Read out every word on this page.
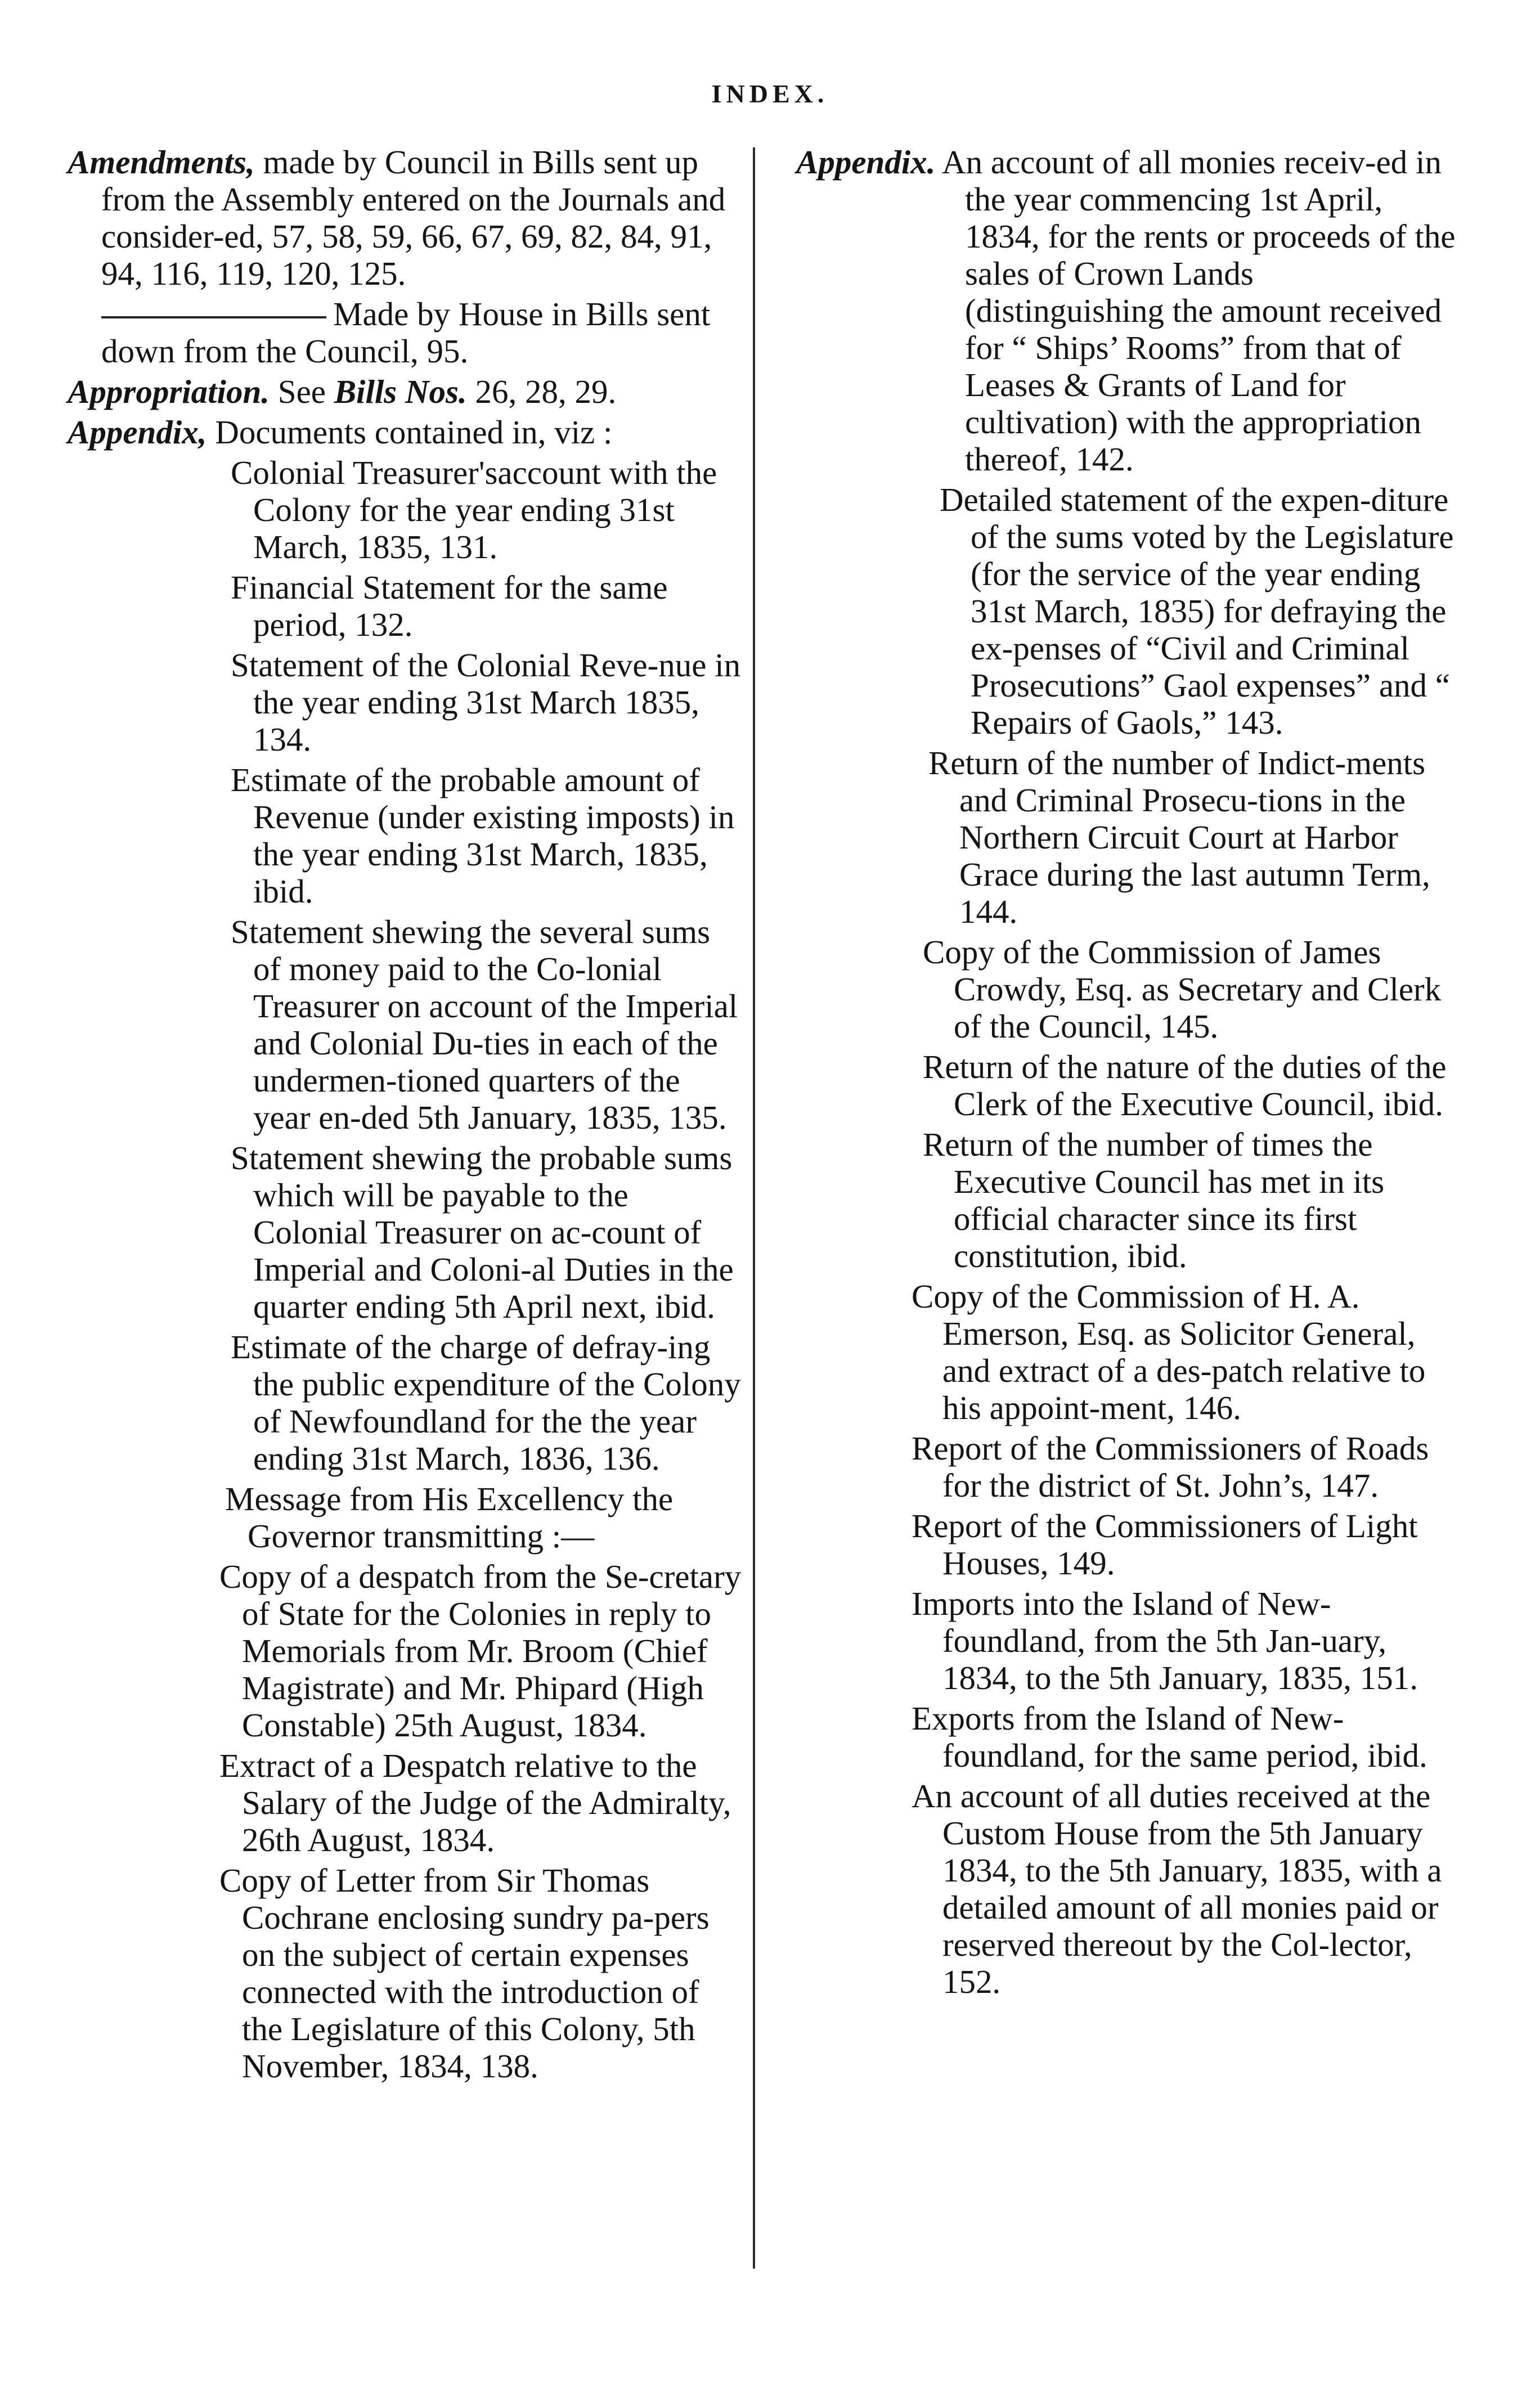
INDEX.

Amendments, made by Council in Bills sent up from the Assembly entered on the Journals and consider-ed, 57, 58, 59, 66, 67, 69, 82, 84, 91, 94, 116, 119, 120, 125.

Made by House in Bills sent down from the Council, 95.

Appropriation. See Bills Nos. 26, 28, 29.

Appendix, Documents contained in, viz :

Colonial Treasurer'saccount with the Colony for the year ending 31st March, 1835, 131.

Financial Statement for the same period, 132.

Statement of the Colonial Reve-nue in the year ending 31st March 1835, 134.

Estimate of the probable amount of Revenue (under existing imposts) in the year ending 31st March, 1835, ibid.

Statement shewing the several sums of money paid to the Co-lonial Treasurer on account of the Imperial and Colonial Du-ties in each of the undermen-tioned quarters of the year en-ded 5th January, 1835, 135.

Statement shewing the probable sums which will be payable to the Colonial Treasurer on ac-count of Imperial and Coloni-al Duties in the quarter ending 5th April next, ibid.

Estimate of the charge of defray-ing the public expenditure of the Colony of Newfoundland for the the year ending 31st March, 1836, 136.

Message from His Excellency the Governor transmitting :—

Copy of a despatch from the Se-cretary of State for the Colonies in reply to Memorials from Mr. Broom (Chief Magistrate) and Mr. Phipard (High Constable) 25th August, 1834.

Extract of a Despatch relative to the Salary of the Judge of the Admiralty, 26th August, 1834.

Copy of Letter from Sir Thomas Cochrane enclosing sundry pa-pers on the subject of certain expenses connected with the introduction of the Legislature of this Colony, 5th November, 1834, 138.

Appendix. An account of all monies receiv-ed in the year commencing 1st April, 1834, for the rents or proceeds of the sales of Crown Lands (distinguishing the amount received for “ Ships’ Rooms” from that of Leases & Grants of Land for cultivation) with the appropriation thereof, 142.

Detailed statement of the expen-diture of the sums voted by the Legislature (for the service of the year ending 31st March, 1835) for defraying the ex-penses of “Civil and Criminal Prosecutions” Gaol expenses” and “ Repairs of Gaols,” 143.

Return of the number of Indict-ments and Criminal Prosecu-tions in the Northern Circuit Court at Harbor Grace during the last autumn Term, 144.

Copy of the Commission of James Crowdy, Esq. as Secretary and Clerk of the Council, 145.

Return of the nature of the duties of the Clerk of the Executive Council, ibid.

Return of the number of times the Executive Council has met in its official character since its first constitution, ibid.

Copy of the Commission of H. A. Emerson, Esq. as Solicitor General, and extract of a des-patch relative to his appoint-ment, 146.

Report of the Commissioners of Roads for the district of St. John’s, 147.

Report of the Commissioners of Light Houses, 149.

Imports into the Island of New-foundland, from the 5th Jan-uary, 1834, to the 5th January, 1835, 151.

Exports from the Island of New-foundland, for the same period, ibid.

An account of all duties received at the Custom House from the 5th January 1834, to the 5th January, 1835, with a detailed amount of all monies paid or reserved thereout by the Col-lector, 152.
